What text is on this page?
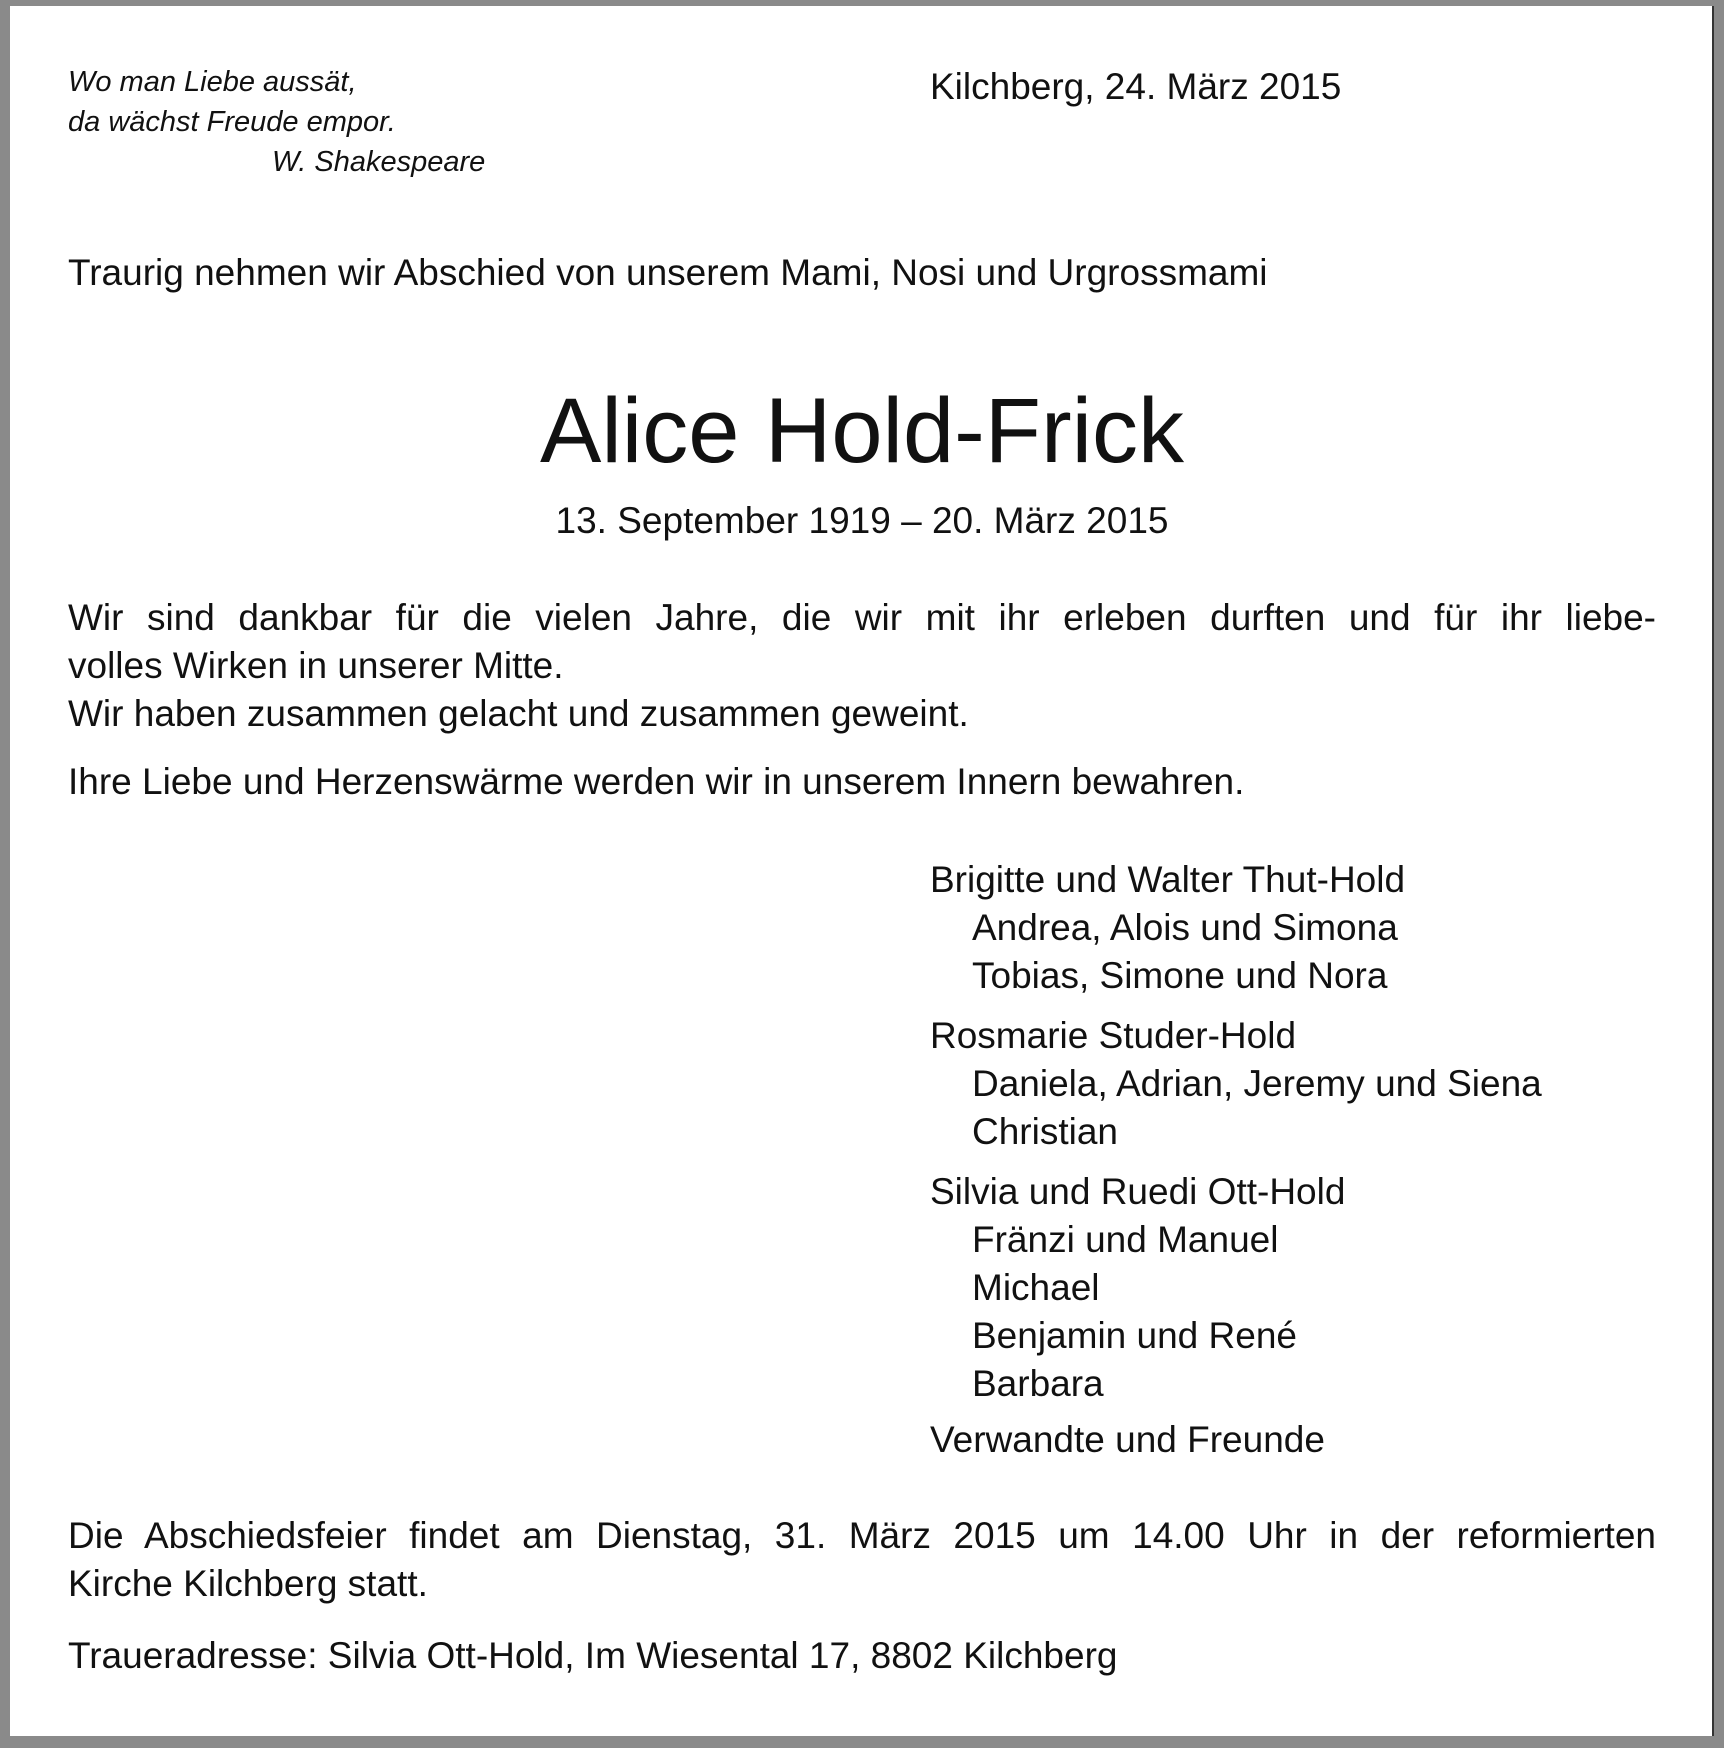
Wo man Liebe aussät,
da wächst Freude empor.
W. Shakespeare
Kilchberg, 24. März 2015
Traurig nehmen wir Abschied von unserem Mami, Nosi und Urgrossmami
Alice Hold-Frick
13. September 1919 – 20. März 2015
Wir sind dankbar für die vielen Jahre, die wir mit ihr erleben durften und für ihr liebe-
volles Wirken in unserer Mitte.
Wir haben zusammen gelacht und zusammen geweint.
Ihre Liebe und Herzenswärme werden wir in unserem Innern bewahren.
Brigitte und Walter Thut-Hold
Andrea, Alois und Simona
Tobias, Simone und Nora
Rosmarie Studer-Hold
Daniela, Adrian, Jeremy und Siena
Christian
Silvia und Ruedi Ott-Hold
Fränzi und Manuel
Michael
Benjamin und René
Barbara
Verwandte und Freunde
Die Abschiedsfeier findet am Dienstag, 31. März 2015 um 14.00 Uhr in der reformierten
Kirche Kilchberg statt.
Traueradresse: Silvia Ott-Hold, Im Wiesental 17, 8802 Kilchberg
